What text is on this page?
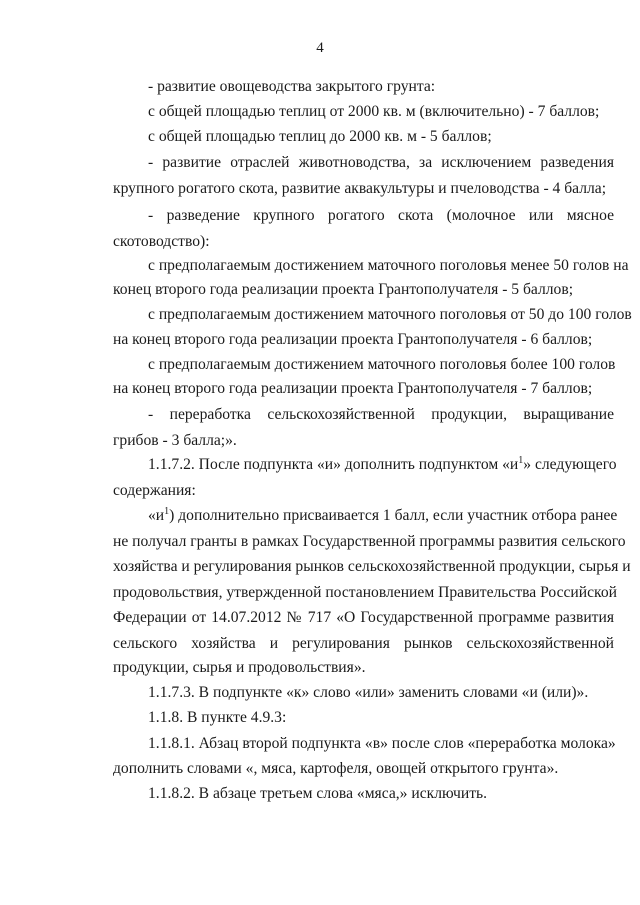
4
- развитие овощеводства закрытого грунта:
с общей площадью теплиц от 2000 кв. м (включительно) - 7 баллов;
с общей площадью теплиц до 2000 кв. м - 5 баллов;
- развитие отраслей животноводства, за исключением разведения
крупного рогатого скота, развитие аквакультуры и пчеловодства - 4 балла;
- разведение крупного рогатого скота (молочное или мясное
скотоводство):
с предполагаемым достижением маточного поголовья менее 50 голов на
конец второго года реализации проекта Грантополучателя - 5 баллов;
с предполагаемым достижением маточного поголовья от 50 до 100 голов
на конец второго года реализации проекта Грантополучателя - 6 баллов;
с предполагаемым достижением маточного поголовья более 100 голов
на конец второго года реализации проекта Грантополучателя - 7 баллов;
- переработка сельскохозяйственной продукции, выращивание
грибов - 3 балла;».
1.1.7.2. После подпункта «и» дополнить подпунктом «$и^1$» следующего
содержания:
«$и^1$) дополнительно присваивается 1 балл, если участник отбора ранее
не получал гранты в рамках Государственной программы развития сельского
хозяйства и регулирования рынков сельскохозяйственной продукции, сырья и
продовольствия, утвержденной постановлением Правительства Российской
Федерации от 14.07.2012 № 717 «О Государственной программе развития
сельского хозяйства и регулирования рынков сельскохозяйственной
продукции, сырья и продовольствия».
1.1.7.3. В подпункте «к» слово «или» заменить словами «и (или)».
1.1.8. В пункте 4.9.3:
1.1.8.1. Абзац второй подпункта «в» после слов «переработка молока»
дополнить словами «, мяса, картофеля, овощей открытого грунта».
1.1.8.2. В абзаце третьем слова «мяса,» исключить.
